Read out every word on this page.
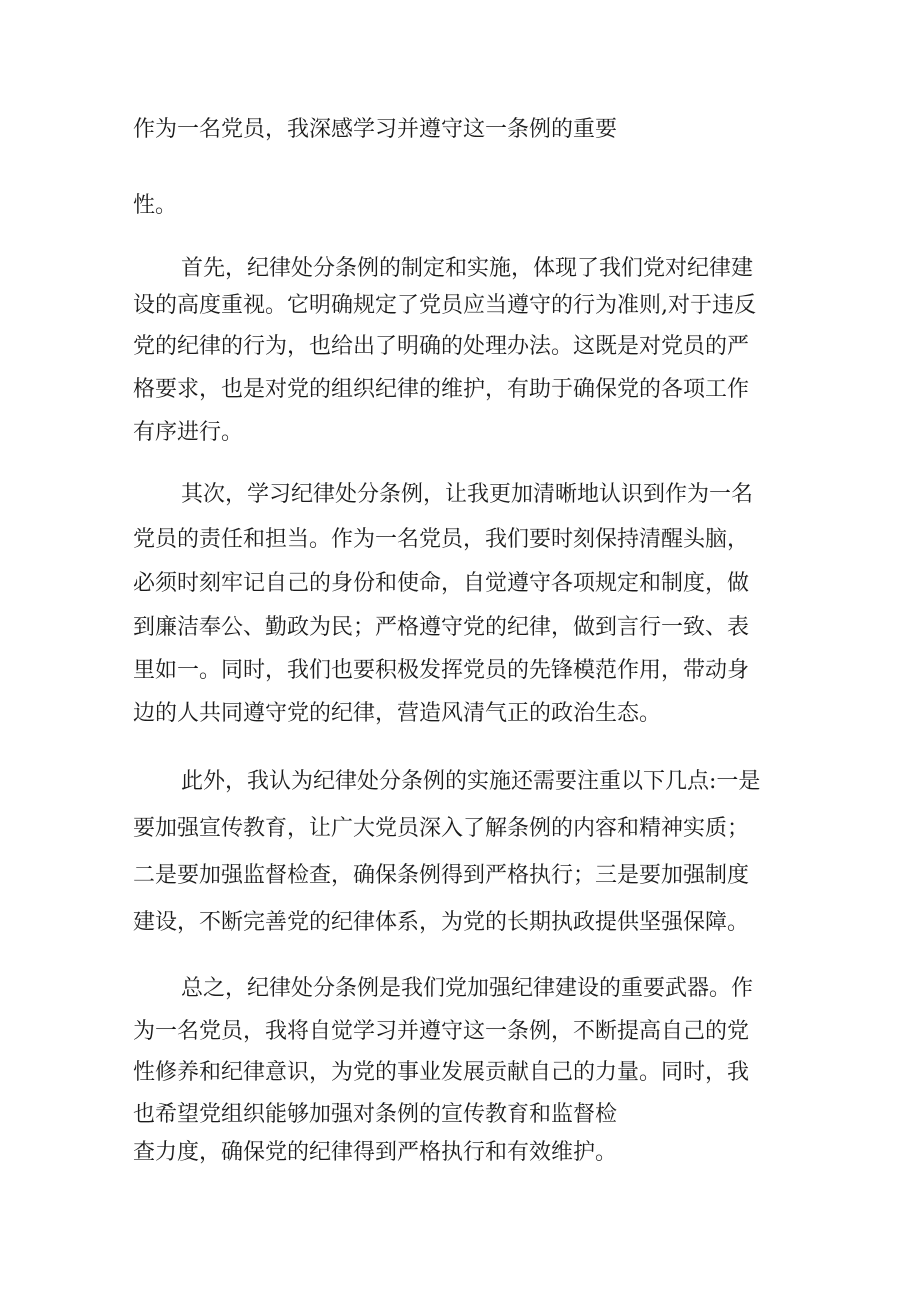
作为一名党员，我深感学习并遵守这一条例的重要

性。

首先，纪律处分条例的制定和实施，体现了我们党对纪律建

设的高度重视。它明确规定了党员应当遵守的行为准则,对于违反

党的纪律的行为，也给出了明确的处理办法。这既是对党员的严

格要求，也是对党的组织纪律的维护，有助于确保党的各项工作

有序进行。

其次，学习纪律处分条例，让我更加清晰地认识到作为一名

党员的责任和担当。作为一名党员，我们要时刻保持清醒头脑，

必须时刻牢记自己的身份和使命，自觉遵守各项规定和制度，做

到廉洁奉公、勤政为民；严格遵守党的纪律，做到言行一致、表

里如一。同时，我们也要积极发挥党员的先锋模范作用，带动身

边的人共同遵守党的纪律，营造风清气正的政治生态。

此外，我认为纪律处分条例的实施还需要注重以下几点:一是

要加强宣传教育，让广大党员深入了解条例的内容和精神实质；

二是要加强监督检查，确保条例得到严格执行；三是要加强制度

建设，不断完善党的纪律体系，为党的长期执政提供坚强保障。

总之，纪律处分条例是我们党加强纪律建设的重要武器。作

为一名党员，我将自觉学习并遵守这一条例，不断提高自己的党

性修养和纪律意识，为党的事业发展贡献自己的力量。同时，我

也希望党组织能够加强对条例的宣传教育和监督检

查力度，确保党的纪律得到严格执行和有效维护。
